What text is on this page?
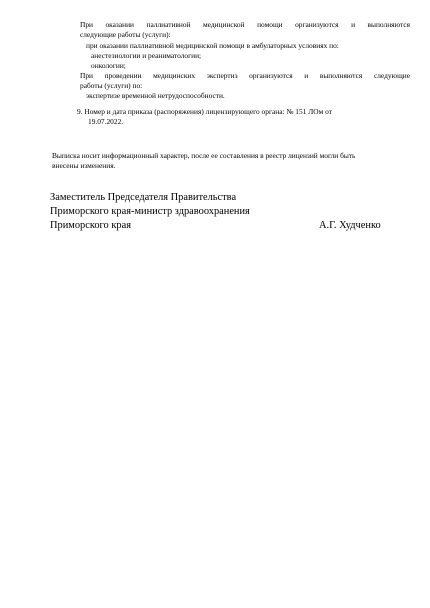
При оказании паллиативной медицинской помощи организуются и выполняются
следующие работы (услуги):
при оказании паллиативной медицинской помощи в амбулаторных условиях по:
анестезиологии и реаниматологии;
онкологии;
При проведении медицинских экспертиз организуются и выполняются следующие
работы (услуги) по:
экспертизе временной нетрудоспособности.
9. Номер и дата приказа (распоряжения) лицензирующего органа: № 151 ЛОм от
19.07.2022.
Выписка носит информационный характер, после ее составления в реестр лицензий могли быть
внесены изменения.
Заместитель Председателя Правительства
Приморского края-министр здравоохранения
Приморского края	А.Г. Худченко
